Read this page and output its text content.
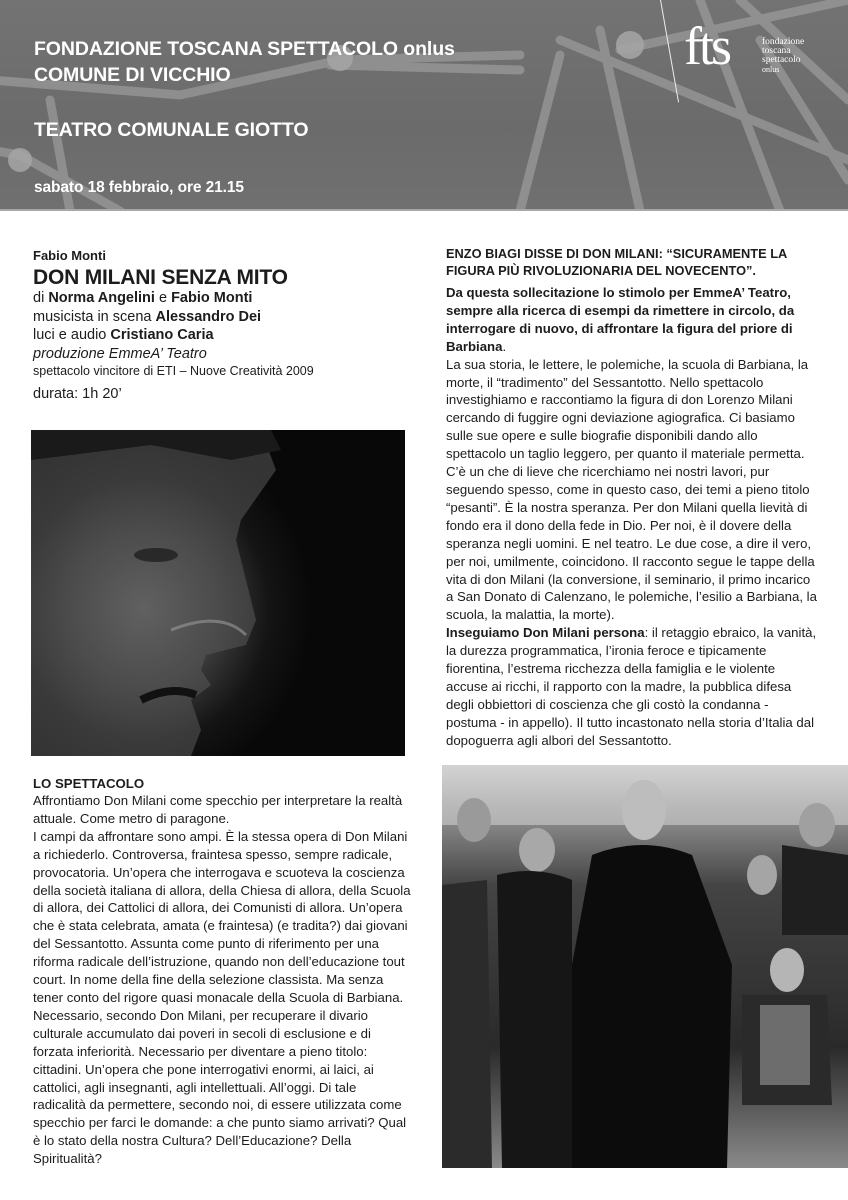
fts	fondazione
toscana
spettacolo
onlus
FONDAZIONE TOSCANA SPETTACOLO onlus
COMUNE DI VICCHIO
TEATRO COMUNALE GIOTTO
sabato 18 febbraio, ore 21.15

Fabio Monti

DON MILANI SENZA MITO

di Norma Angelini e Fabio Monti

musicista in scena Alessandro Dei

luci e audio Cristiano Caria

produzione EmmeA’ Teatro

spettacolo vincitore di ETI – Nuove Creatività 2009

durata: 1h 20’

ENZO BIAGI DISSE DI DON MILANI: “SICURAMENTE LA FIGURA PIÙ RIVOLUZIONARIA DEL NOVECENTO”.

Da questa sollecitazione lo stimolo per EmmeA’ Teatro, sempre alla ricerca di esempi da rimettere in circolo, da interrogare di nuovo, di affrontare la figura del priore di Barbiana.

La sua storia, le lettere, le polemiche, la scuola di Barbiana, la morte, il “tradimento” del Sessantotto. Nello spettacolo investighiamo e raccontiamo la figura di don Lorenzo Milani cercando di fuggire ogni deviazione agiografica. Ci basiamo sulle sue opere e sulle biografie disponibili dando allo spettacolo un taglio leggero, per quanto il materiale permetta. C’è un che di lieve che ricerchiamo nei nostri lavori, pur seguendo spesso, come in questo caso, dei temi a pieno titolo “pesanti”. È la nostra speranza. Per don Milani quella lievità di fondo era il dono della fede in Dio. Per noi, è il dovere della speranza negli uomini. E nel teatro. Le due cose, a dire il vero, per noi, umilmente, coincidono. Il racconto segue le tappe della vita di don Milani (la conversione, il seminario, il primo incarico a San Donato di Calenzano, le polemiche, l’esilio a Barbiana, la scuola, la malattia, la morte).

Inseguiamo Don Milani persona: il retaggio ebraico, la vanità, la durezza programmatica, l’ironia feroce e tipicamente fiorentina, l’estrema ricchezza della famiglia e le violente accuse ai ricchi, il rapporto con la madre, la pubblica difesa degli obbiettori di coscienza che gli costò la condanna - postuma - in appello). Il tutto incastonato nella storia d’Italia dal dopoguerra agli albori del Sessantotto.

LO SPETTACOLO

Affrontiamo Don Milani come specchio per interpretare la realtà attuale. Come metro di paragone.

I campi da affrontare sono ampi. È la stessa opera di Don Milani a richiederlo. Controversa, fraintesa spesso, sempre radicale, provocatoria. Un’opera che interrogava e scuoteva la coscienza della società italiana di allora, della Chiesa di allora, della Scuola di allora, dei Cattolici di allora, dei Comunisti di allora. Un’opera che è stata celebrata, amata (e fraintesa) (e tradita?) dai giovani del Sessantotto. Assunta come punto di riferimento per una riforma radicale dell’istruzione, quando non dell’educazione tout court. In nome della fine della selezione classista. Ma senza tener conto del rigore quasi monacale della Scuola di Barbiana. Necessario, secondo Don Milani, per recuperare il divario culturale accumulato dai poveri in secoli di esclusione e di forzata inferiorità. Necessario per diventare a pieno titolo: cittadini. Un’opera che pone interrogativi enormi, ai laici, ai cattolici, agli insegnanti, agli intellettuali. All’oggi. Di tale radicalità da permettere, secondo noi, di essere utilizzata come specchio per farci le domande: a che punto siamo arrivati? Qual è lo stato della nostra Cultura? Dell’Educazione? Della Spiritualità?
